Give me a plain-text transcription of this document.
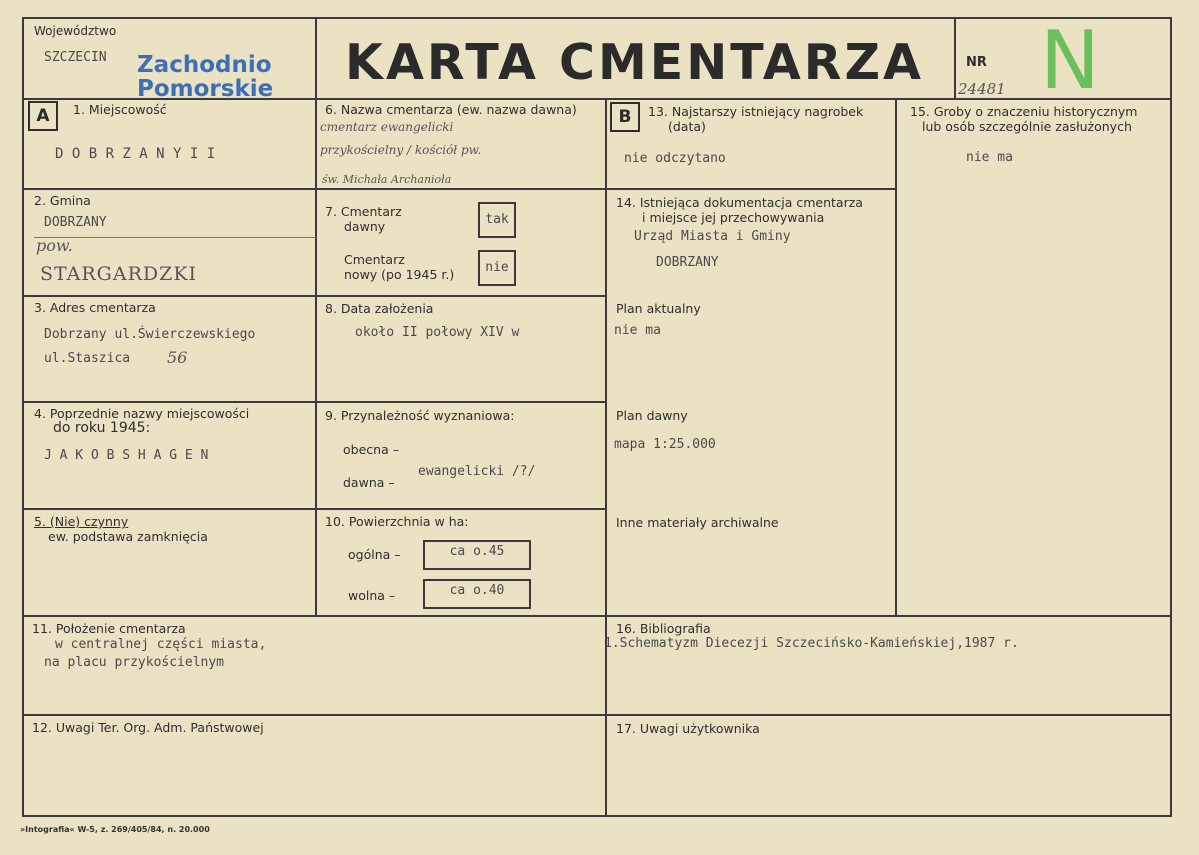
Województwo
SZCZECIN Zachodnio
Pomorskie KARTA CMENTARZA	NR
24481 N
A	1. Miejscowość
D O B R Z A N Y I I
2. Gmina
DOBRZANY
pow.
STARGARDZKI
3. Adres cmentarza
Dobrzany ul.Świerczewskiego
ul.Staszica 56
4. Poprzednie nazwy miejscowości
do roku 1945:
J A K O B S H A G E N
5. (Nie) czynny
ew. podstawa zamknięcia
6. Nazwa cmentarza (ew. nazwa dawna)
cmentarz ewangelicki
przykościelny / kościół pw.
św. Michała Archanioła
7. Cmentarz
dawny	tak
Cmentarz
nowy (po 1945 r.)	nie
8. Data założenia
około II połowy XIV w
9. Przynależność wyznaniowa:
obecna –
dawna –
ewangelicki /?/
10. Powierzchnia w ha:
ogólna –	ca o.45
wolna –	ca o.40
B	13. Najstarszy istniejący nagrobek
(data)
nie odczytano
14. Istniejąca dokumentacja cmentarza
i miejsce jej przechowywania
Urząd Miasta i Gminy
DOBRZANY
Plan aktualny
nie ma
Plan dawny
mapa 1:25.000
Inne materiały archiwalne
15. Groby o znaczeniu historycznym
lub osób szczególnie zasłużonych
nie ma
11. Położenie cmentarza
w centralnej części miasta,
na placu przykościelnym
16. Bibliografia
1.Schematyzm Diecezji Szczecińsko-Kamieńskiej,1987 r.
12. Uwagi Ter. Org. Adm. Państwowej	17. Uwagi użytkownika
»Intografia« W-5, z. 269/405/84, n. 20.000
